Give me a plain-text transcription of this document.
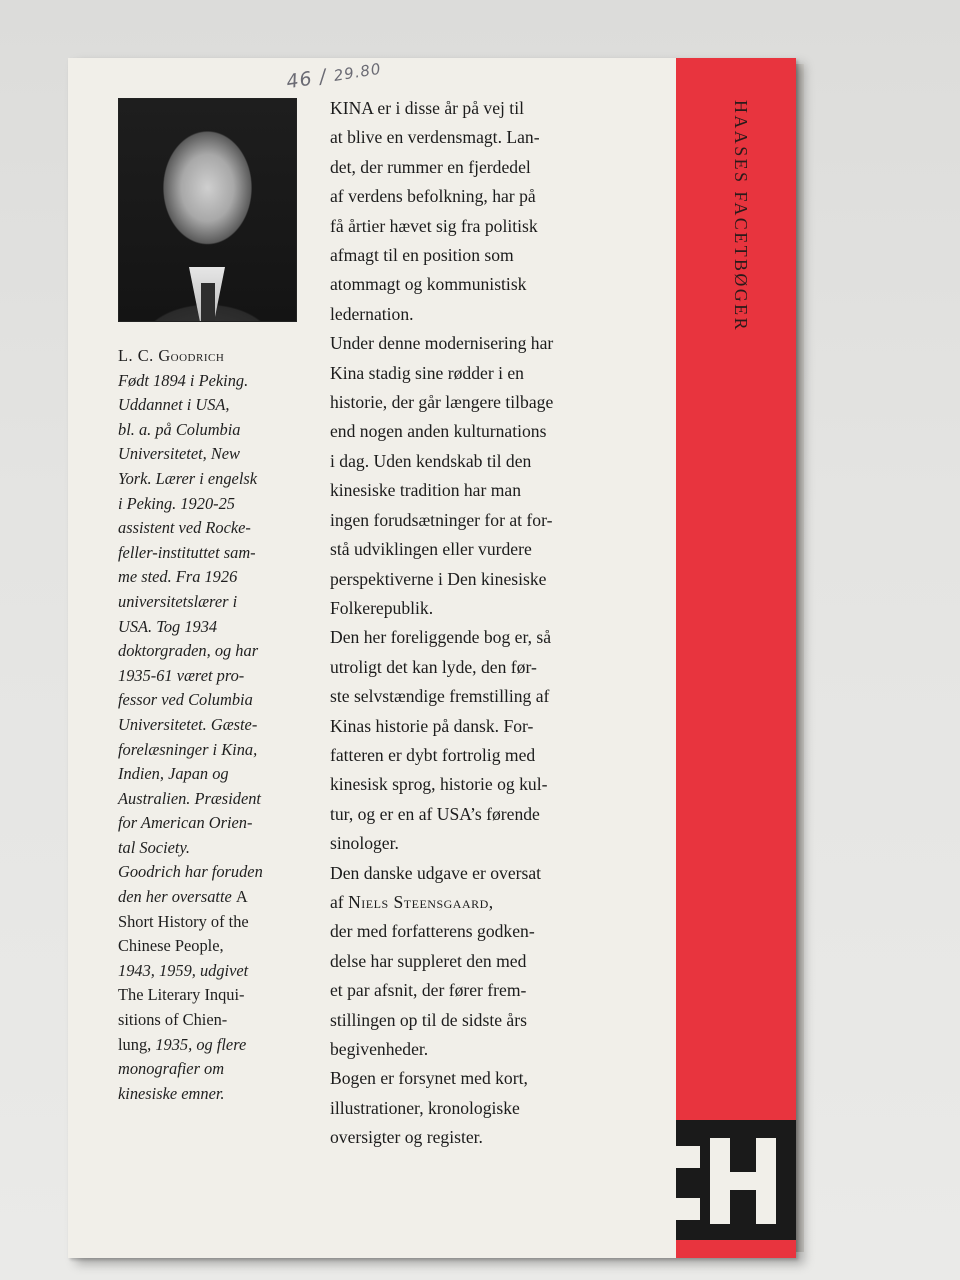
46 / 29.80
L. C. Goodrich
Født 1894 i Peking.
Uddannet i USA,
bl. a. på Columbia
Universitetet, New
York. Lærer i engelsk
i Peking. 1920-25
assistent ved Rocke-
feller-instituttet sam-
me sted. Fra 1926
universitetslærer i
USA. Tog 1934
doktorgraden, og har
1935-61 været pro-
fessor ved Columbia
Universitetet. Gæste-
forelæsninger i Kina,
Indien, Japan og
Australien. Præsident
for American Orien-
tal Society.
Goodrich har foruden
den her oversatte A
Short History of the
Chinese People,
1943, 1959, udgivet
The Literary Inqui-
sitions of Chien-
lung, 1935, og flere
monografier om
kinesiske emner.
KINA er i disse år på vej til
at blive en verdensmagt. Lan-
det, der rummer en fjerdedel
af verdens befolkning, har på
få årtier hævet sig fra politisk
afmagt til en position som
atommagt og kommunistisk
ledernation.
Under denne modernisering har
Kina stadig sine rødder i en
historie, der går længere tilbage
end nogen anden kulturnations
i dag. Uden kendskab til den
kinesiske tradition har man
ingen forudsætninger for at for-
stå udviklingen eller vurdere
perspektiverne i Den kinesiske
Folkerepublik.
Den her foreliggende bog er, så
utroligt det kan lyde, den før-
ste selvstændige fremstilling af
Kinas historie på dansk. For-
fatteren er dybt fortrolig med
kinesisk sprog, historie og kul-
tur, og er en af USA’s førende
sinologer.
Den danske udgave er oversat
af Niels Steensgaard,
der med forfatterens godken-
delse har suppleret den med
et par afsnit, der fører frem-
stillingen op til de sidste års
begivenheder.
Bogen er forsynet med kort,
illustrationer, kronologiske
oversigter og register.
HAASES FACETBØGER
